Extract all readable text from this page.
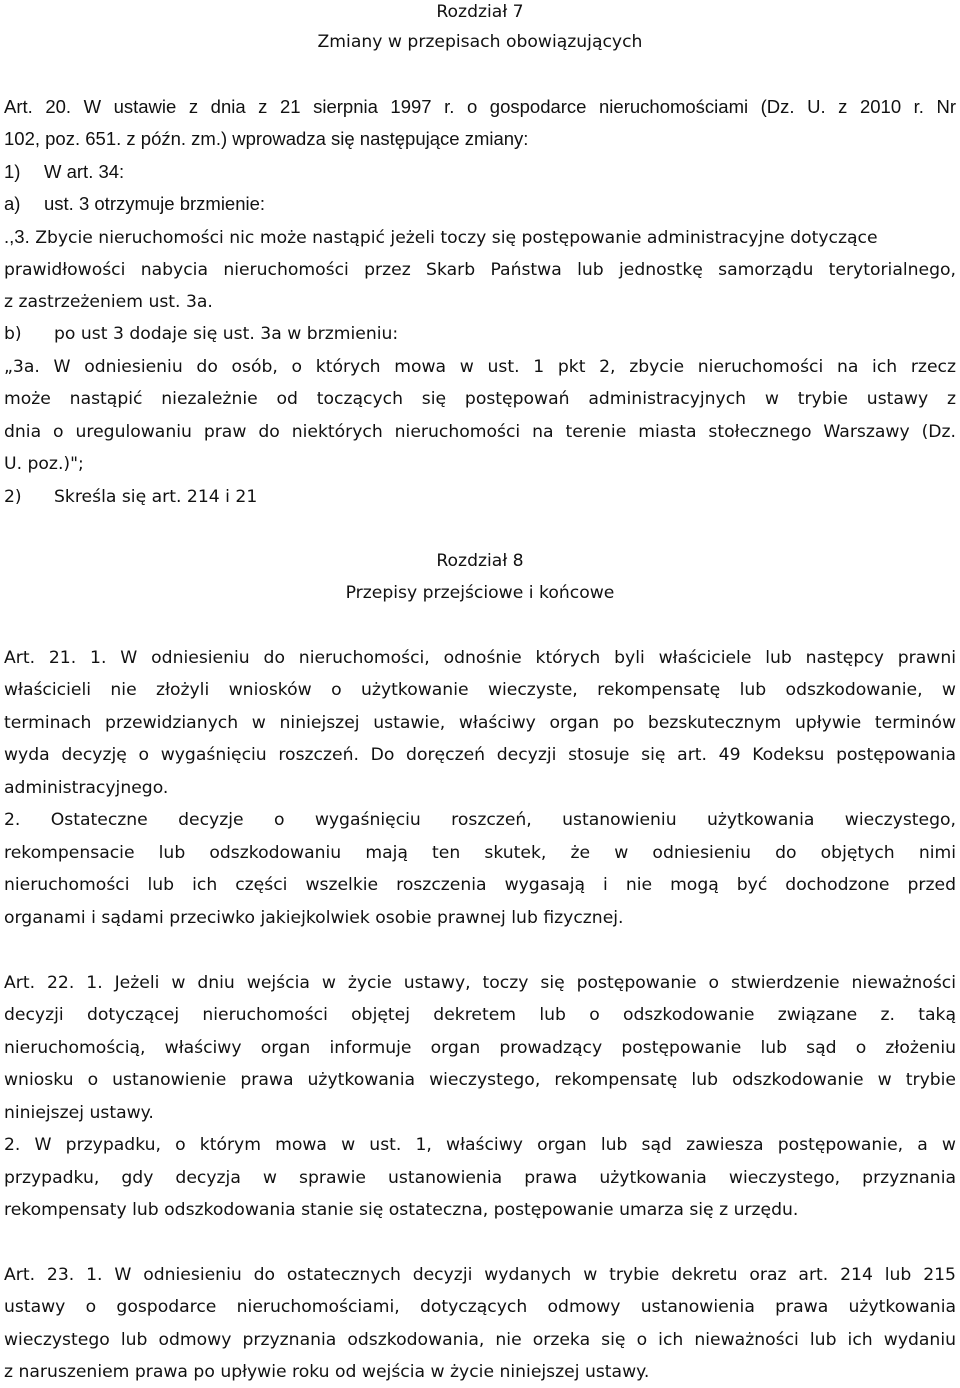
Rozdział 7
Zmiany w przepisach obowiązujących
Art. 20. W ustawie z dnia z 21 sierpnia 1997 r. o gospodarce nieruchomościami (Dz. U. z 2010 r. Nr
102, poz. 651. z późn. zm.) wprowadza się następujące zmiany:
1) W art. 34:
a) ust. 3 otrzymuje brzmienie:
.,3. Zbycie nieruchomości nic może nastąpić jeżeli toczy się postępowanie administracyjne dotyczące
prawidłowości nabycia nieruchomości przez Skarb Państwa lub jednostkę samorządu terytorialnego,
z zastrzeżeniem ust. 3a.
b) po ust 3 dodaje się ust. 3a w brzmieniu:
„3a. W odniesieniu do osób, o których mowa w ust. 1 pkt 2, zbycie nieruchomości na ich rzecz
może nastąpić niezależnie od toczących się postępowań administracyjnych w trybie ustawy z
dnia o uregulowaniu praw do niektórych nieruchomości na terenie miasta stołecznego Warszawy (Dz.
U. poz.)";
2) Skreśla się art. 214 i 21
Rozdział 8
Przepisy przejściowe i końcowe
Art. 21. 1. W odniesieniu do nieruchomości, odnośnie których byli właściciele lub następcy prawni
właścicieli nie złożyli wniosków o użytkowanie wieczyste, rekompensatę lub odszkodowanie, w
terminach przewidzianych w niniejszej ustawie, właściwy organ po bezskutecznym upływie terminów
wyda decyzję o wygaśnięciu roszczeń. Do doręczeń decyzji stosuje się art. 49 Kodeksu postępowania
administracyjnego.
2. Ostateczne decyzje o wygaśnięciu roszczeń, ustanowieniu użytkowania wieczystego,
rekompensacie lub odszkodowaniu mają ten skutek, że w odniesieniu do objętych nimi
nieruchomości lub ich części wszelkie roszczenia wygasają i nie mogą być dochodzone przed
organami i sądami przeciwko jakiejkolwiek osobie prawnej lub fizycznej.
Art. 22. 1. Jeżeli w dniu wejścia w życie ustawy, toczy się postępowanie o stwierdzenie nieważności
decyzji dotyczącej nieruchomości objętej dekretem lub o odszkodowanie związane z. taką
nieruchomością, właściwy organ informuje organ prowadzący postępowanie lub sąd o złożeniu
wniosku o ustanowienie prawa użytkowania wieczystego, rekompensatę lub odszkodowanie w trybie
niniejszej ustawy.
2. W przypadku, o którym mowa w ust. 1, właściwy organ lub sąd zawiesza postępowanie, a w
przypadku, gdy decyzja w sprawie ustanowienia prawa użytkowania wieczystego, przyznania
rekompensaty lub odszkodowania stanie się ostateczna, postępowanie umarza się z urzędu.
Art. 23. 1. W odniesieniu do ostatecznych decyzji wydanych w trybie dekretu oraz art. 214 lub 215
ustawy o gospodarce nieruchomościami, dotyczących odmowy ustanowienia prawa użytkowania
wieczystego lub odmowy przyznania odszkodowania, nie orzeka się o ich nieważności lub ich wydaniu
z naruszeniem prawa po upływie roku od wejścia w życie niniejszej ustawy.
